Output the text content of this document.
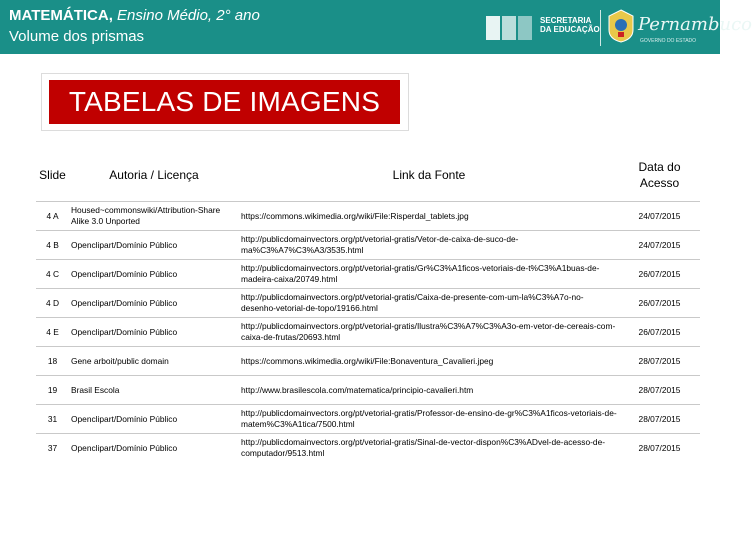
MATEMÁTICA, Ensino Médio, 2° ano
Volume dos prismas
SECRETARIA
DA EDUCAÇÃO Pernambuco
GOVERNO DO ESTADO
TABELAS DE IMAGENS
Slide	Autoria / Licença	Link da Fonte	Data do Acesso
4 A	Housed~commonswiki/Attribution-Share Alike 3.0 Unported	https://commons.wikimedia.org/wiki/File:Risperdal_tablets.jpg	24/07/2015
4 B	Openclipart/Domínio Público	http://publicdomainvectors.org/pt/vetorial-gratis/Vetor-de-caixa-de-suco-de-ma%C3%A7%C3%A3/3535.html	24/07/2015
4 C	Openclipart/Domínio Público	http://publicdomainvectors.org/pt/vetorial-gratis/Gr%C3%A1ficos-vetoriais-de-t%C3%A1buas-de-madeira-caixa/20749.html	26/07/2015
4 D	Openclipart/Domínio Público	http://publicdomainvectors.org/pt/vetorial-gratis/Caixa-de-presente-com-um-la%C3%A7o-no-desenho-vetorial-de-topo/19166.html	26/07/2015
4 E	Openclipart/Domínio Público	http://publicdomainvectors.org/pt/vetorial-gratis/Ilustra%C3%A7%C3%A3o-em-vetor-de-cereais-com-caixa-de-frutas/20693.html	26/07/2015
18	Gene arboit/public domain	https://commons.wikimedia.org/wiki/File:Bonaventura_Cavalieri.jpeg	28/07/2015
19	Brasil Escola	http://www.brasilescola.com/matematica/principio-cavalieri.htm	28/07/2015
31	Openclipart/Domínio Público	http://publicdomainvectors.org/pt/vetorial-gratis/Professor-de-ensino-de-gr%C3%A1ficos-vetoriais-de-matem%C3%A1tica/7500.html	28/07/2015
37	Openclipart/Domínio Público	http://publicdomainvectors.org/pt/vetorial-gratis/Sinal-de-vector-dispon%C3%ADvel-de-acesso-de-computador/9513.html	28/07/2015
